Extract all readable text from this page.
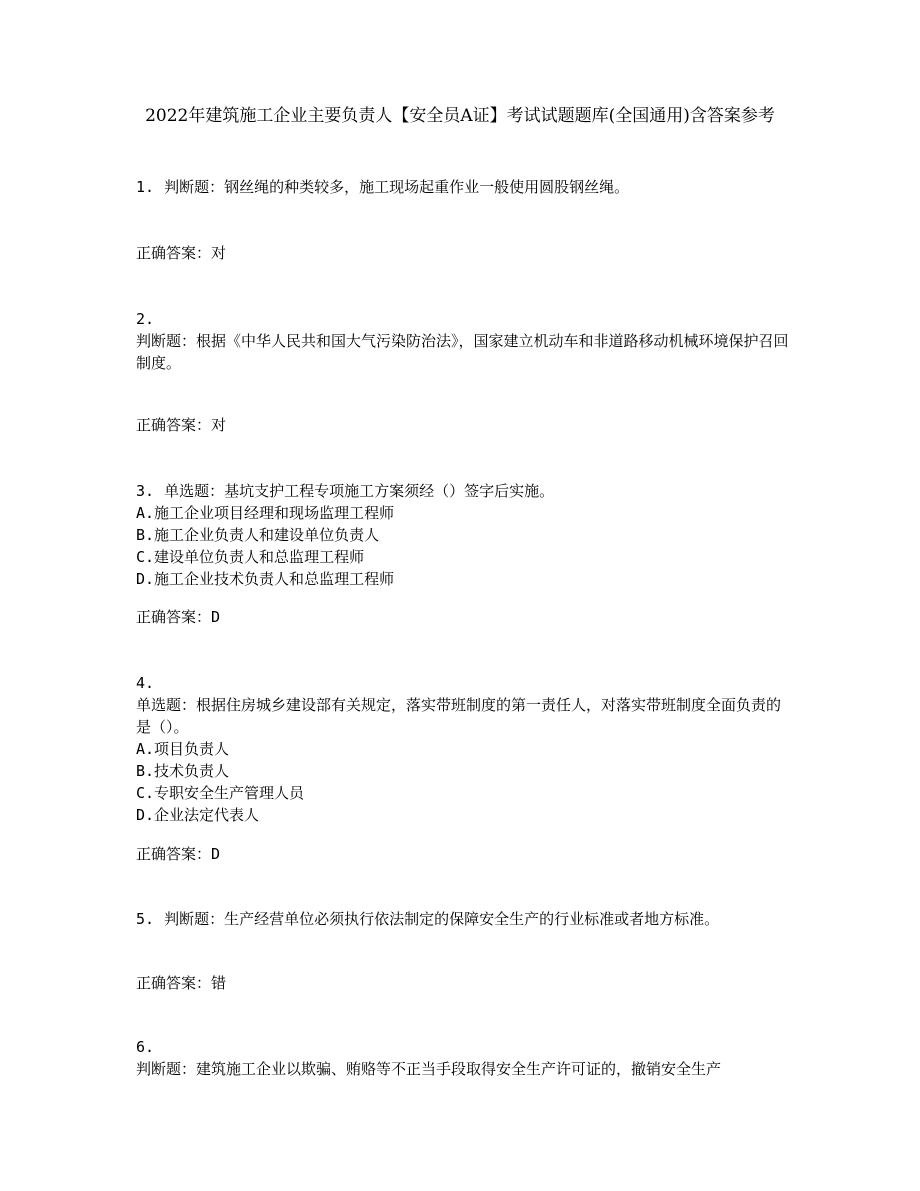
2022年建筑施工企业主要负责人【安全员A证】考试试题题库(全国通用)含答案参考
1. 判断题：钢丝绳的种类较多，施工现场起重作业一般使用圆股钢丝绳。
正确答案：对
2.
判断题：根据《中华人民共和国大气污染防治法》，国家建立机动车和非道路移动机械环境保护召回制度。
正确答案：对
3. 单选题：基坑支护工程专项施工方案须经（）签字后实施。
A.施工企业项目经理和现场监理工程师
B.施工企业负责人和建设单位负责人
C.建设单位负责人和总监理工程师
D.施工企业技术负责人和总监理工程师
正确答案：D
4.
单选题：根据住房城乡建设部有关规定，落实带班制度的第一责任人，对落实带班制度全面负责的是（）。
A.项目负责人
B.技术负责人
C.专职安全生产管理人员
D.企业法定代表人
正确答案：D
5. 判断题：生产经营单位必须执行依法制定的保障安全生产的行业标准或者地方标准。
正确答案：错
6.
判断题：建筑施工企业以欺骗、贿赂等不正当手段取得安全生产许可证的，撤销安全生产
